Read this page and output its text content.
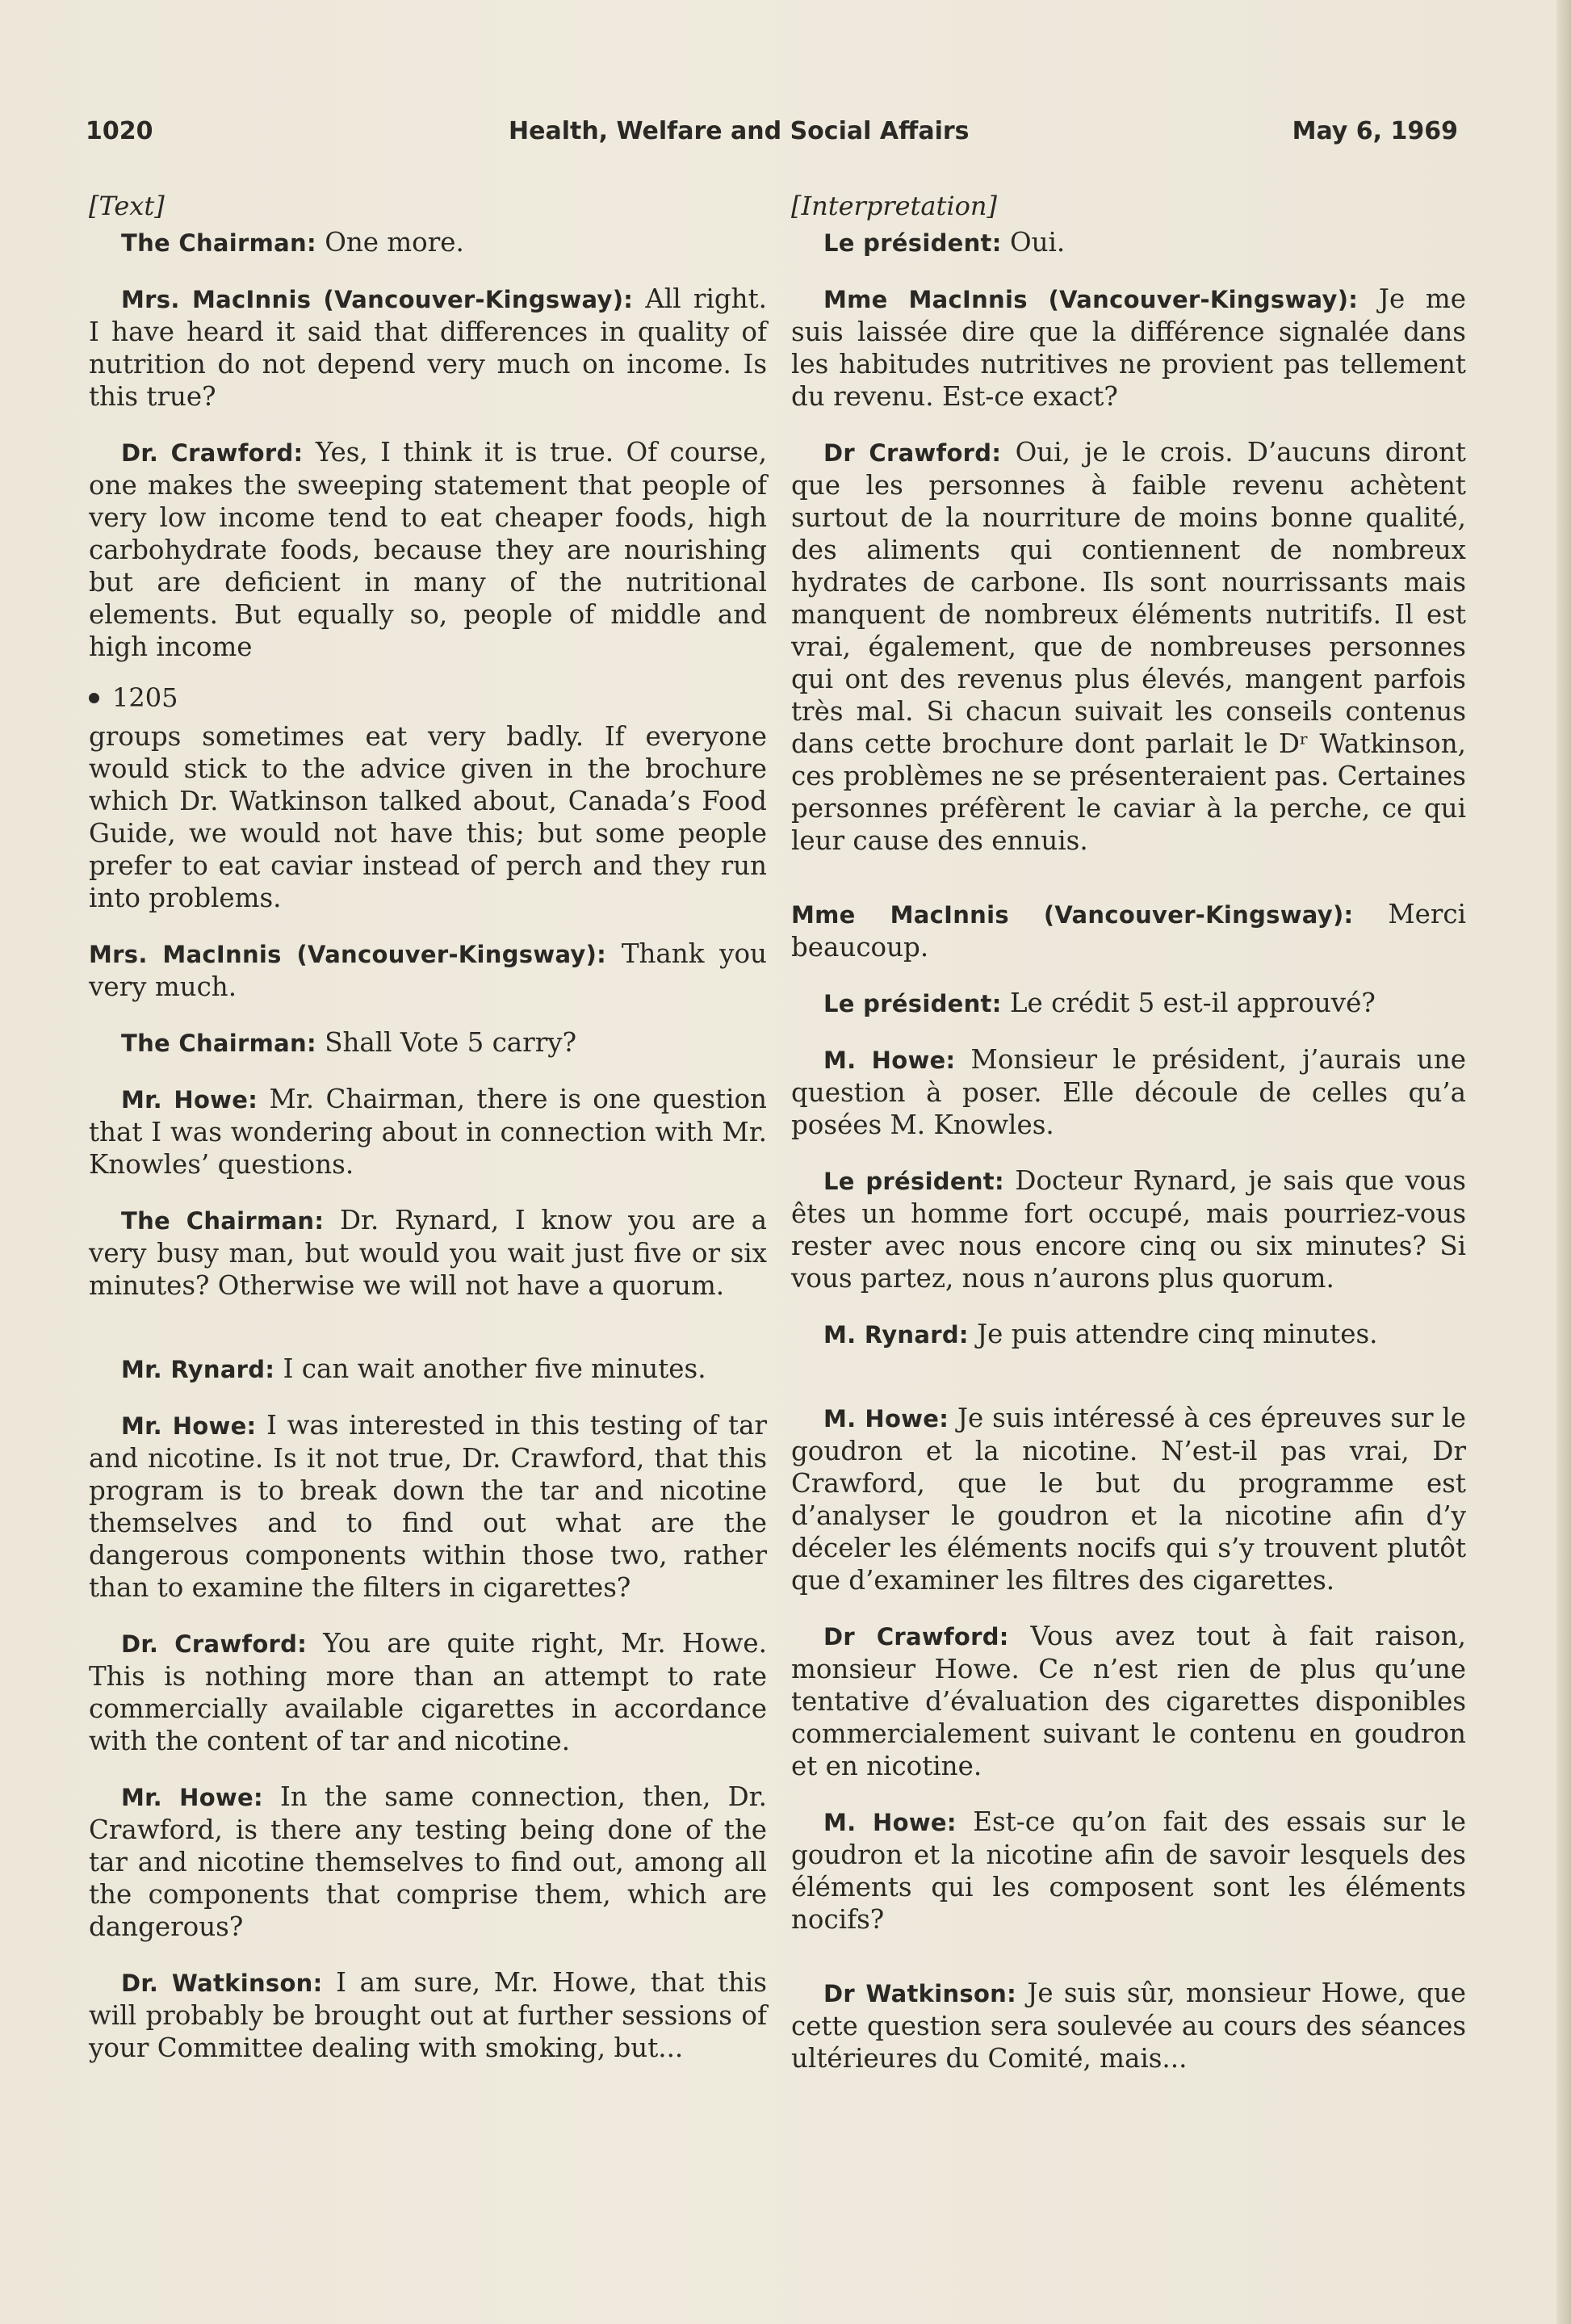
1020	Health, Welfare and Social Affairs	May 6, 1969
[Text]

The Chairman: One more.

Mrs. MacInnis (Vancouver-Kingsway): All right. I have heard it said that differences in quality of nutrition do not depend very much on income. Is this true?

Dr. Crawford: Yes, I think it is true. Of course, one makes the sweeping statement that people of very low income tend to eat cheaper foods, high carbohydrate foods, because they are nourishing but are deficient in many of the nutritional elements. But equally so, people of middle and high income

1205

groups sometimes eat very badly. If everyone would stick to the advice given in the brochure which Dr. Watkinson talked about, Canada’s Food Guide, we would not have this; but some people prefer to eat caviar instead of perch and they run into problems.

Mrs. MacInnis (Vancouver-Kingsway): Thank you very much.

The Chairman: Shall Vote 5 carry?

Mr. Howe: Mr. Chairman, there is one question that I was wondering about in connection with Mr. Knowles’ questions.

The Chairman: Dr. Rynard, I know you are a very busy man, but would you wait just five or six minutes? Otherwise we will not have a quorum.

Mr. Rynard: I can wait another five minutes.

Mr. Howe: I was interested in this testing of tar and nicotine. Is it not true, Dr. Crawford, that this program is to break down the tar and nicotine themselves and to find out what are the dangerous components within those two, rather than to examine the filters in cigarettes?

Dr. Crawford: You are quite right, Mr. Howe. This is nothing more than an attempt to rate commercially available cigarettes in accordance with the content of tar and nicotine.

Mr. Howe: In the same connection, then, Dr. Crawford, is there any testing being done of the tar and nicotine themselves to find out, among all the components that comprise them, which are dangerous?

Dr. Watkinson: I am sure, Mr. Howe, that this will probably be brought out at further sessions of your Committee dealing with smoking, but...

[Interpretation]

Le président: Oui.

Mme MacInnis (Vancouver-Kingsway): Je me suis laissée dire que la différence signalée dans les habitudes nutritives ne provient pas tellement du revenu. Est-ce exact?

Dr Crawford: Oui, je le crois. D’aucuns diront que les personnes à faible revenu achètent surtout de la nourriture de moins bonne qualité, des aliments qui contiennent de nombreux hydrates de carbone. Ils sont nourrissants mais manquent de nombreux éléments nutritifs. Il est vrai, également, que de nombreuses personnes qui ont des revenus plus élevés, mangent parfois très mal. Si chacun suivait les conseils contenus dans cette brochure dont parlait le Dʳ Watkinson, ces problèmes ne se présenteraient pas. Certaines personnes préfèrent le caviar à la perche, ce qui leur cause des ennuis.

Mme MacInnis (Vancouver-Kingsway): Merci beaucoup.

Le président: Le crédit 5 est-il approuvé?

M. Howe: Monsieur le président, j’aurais une question à poser. Elle découle de celles qu’a posées M. Knowles.

Le président: Docteur Rynard, je sais que vous êtes un homme fort occupé, mais pourriez-vous rester avec nous encore cinq ou six minutes? Si vous partez, nous n’aurons plus quorum.

M. Rynard: Je puis attendre cinq minutes.

M. Howe: Je suis intéressé à ces épreuves sur le goudron et la nicotine. N’est-il pas vrai, Dr Crawford, que le but du programme est d’analyser le goudron et la nicotine afin d’y déceler les éléments nocifs qui s’y trouvent plutôt que d’examiner les filtres des cigarettes.

Dr Crawford: Vous avez tout à fait raison, monsieur Howe. Ce n’est rien de plus qu’une tentative d’évaluation des cigarettes disponibles commercialement suivant le contenu en goudron et en nicotine.

M. Howe: Est-ce qu’on fait des essais sur le goudron et la nicotine afin de savoir lesquels des éléments qui les composent sont les éléments nocifs?

Dr Watkinson: Je suis sûr, monsieur Howe, que cette question sera soulevée au cours des séances ultérieures du Comité, mais...
